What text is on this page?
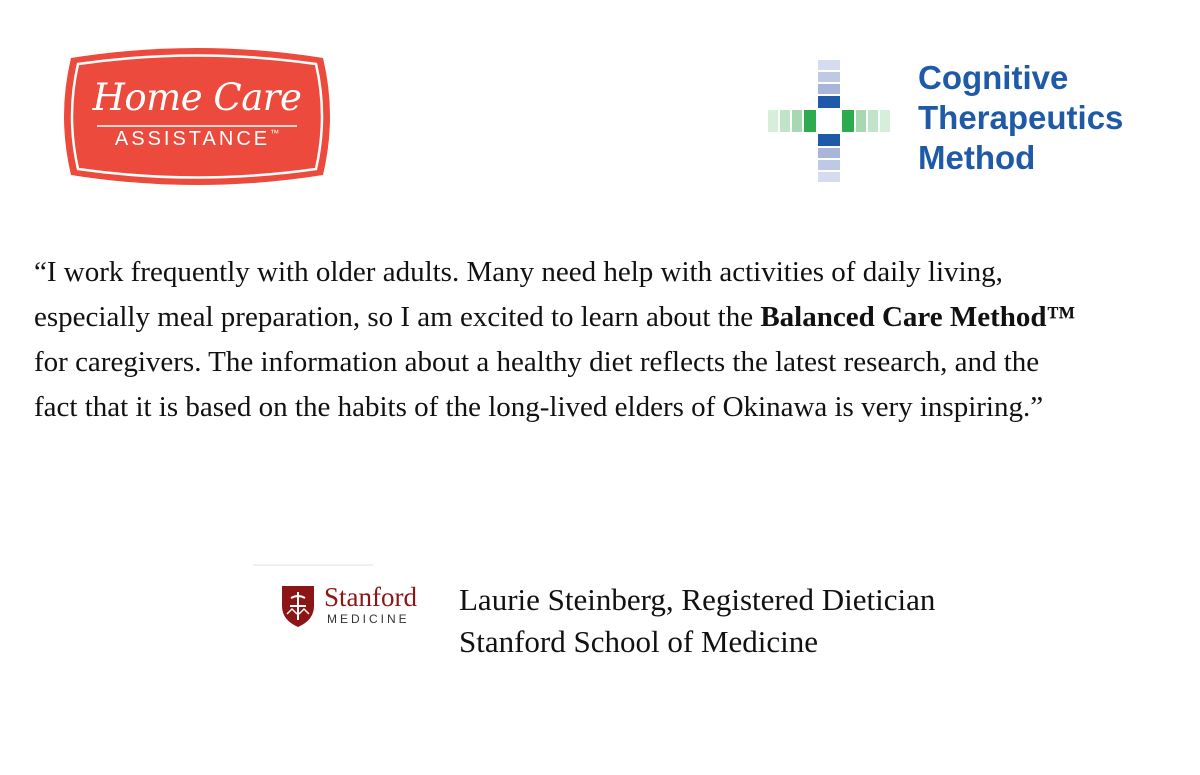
Home Care
ASSISTANCE™
Cognitive
Therapeutics
Method
“I work frequently with older adults. Many need help with activities of daily living, especially meal preparation, so I am excited to learn about the Balanced Care Method™ for caregivers. The information about a healthy diet reflects the latest research, and the fact that it is based on the habits of the long-lived elders of Okinawa is very inspiring.”
Stanford
MEDICINE
Laurie Steinberg, Registered Dietician
Stanford School of Medicine
